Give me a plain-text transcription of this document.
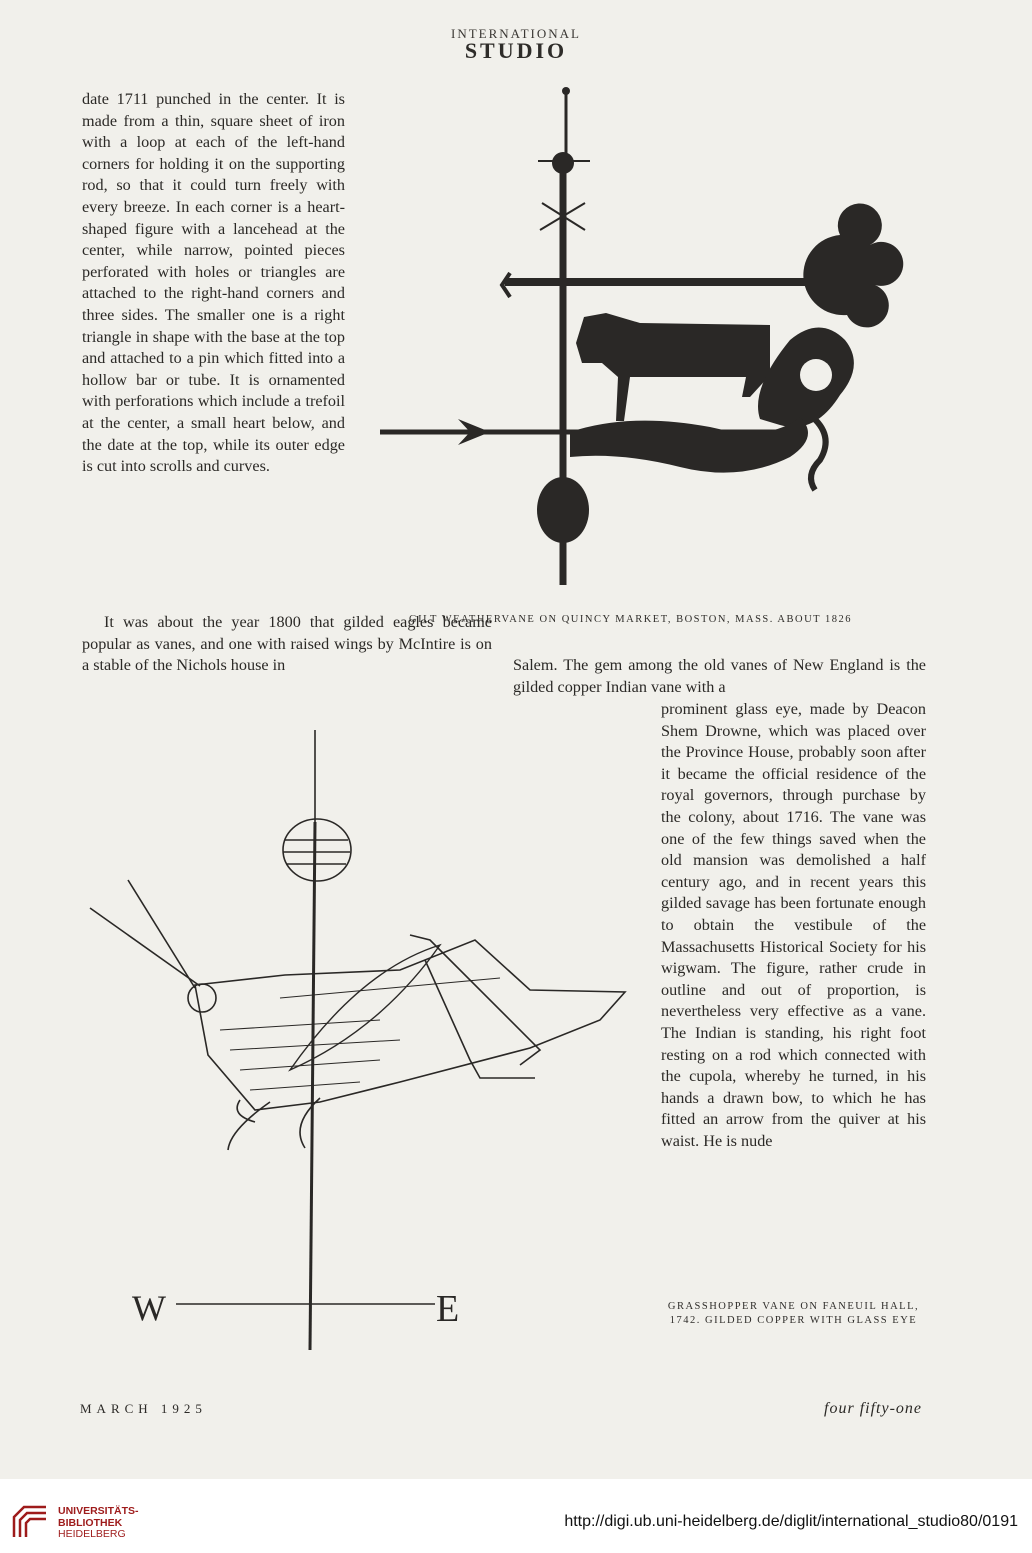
INTERNATIONAL
STUDIO

date 1711 punched in the center. It is made from a thin, square sheet of iron with a loop at each of the left-hand corners for holding it on the supporting rod, so that it could turn freely with every breeze. In each corner is a heart-shaped figure with a lancehead at the center, while narrow, pointed pieces perforated with holes or triangles are attached to the right-hand corners and three sides. The smaller one is a right triangle in shape with the base at the top and attached to a pin which fitted into a hollow bar or tube. It is ornamented with perforations which include a trefoil at the center, a small heart below, and the date at the top, while its outer edge is cut into scrolls and curves.

It was about the year 1800 that gilded eagles became popular as vanes, and one with raised wings by McIntire is on a stable of the Nichols house in

GILT WEATHERVANE ON QUINCY MARKET, BOSTON, MASS. ABOUT 1826

Salem. The gem among the old vanes of New England is the gilded copper Indian vane with a

prominent glass eye, made by Deacon Shem Drowne, which was placed over the Province House, probably soon after it became the official residence of the royal governors, through purchase by the colony, about 1716. The vane was one of the few things saved when the old mansion was demolished a half century ago, and in recent years this gilded savage has been fortunate enough to obtain the vestibule of the Massachusetts Historical Society for his wigwam. The figure, rather crude in outline and out of proportion, is nevertheless very effective as a vane. The Indian is standing, his right foot resting on a rod which connected with the cupola, whereby he turned, in his hands a drawn bow, to which he has fitted an arrow from the quiver at his waist. He is nude

W	E	GRASSHOPPER VANE ON FANEUIL HALL, 1742. GILDED COPPER WITH GLASS EYE
MARCH 1925	four fifty-one
UNIVERSITÄTS-
BIBLIOTHEK
HEIDELBERG
http://digi.ub.uni-heidelberg.de/diglit/international_studio80/0191
